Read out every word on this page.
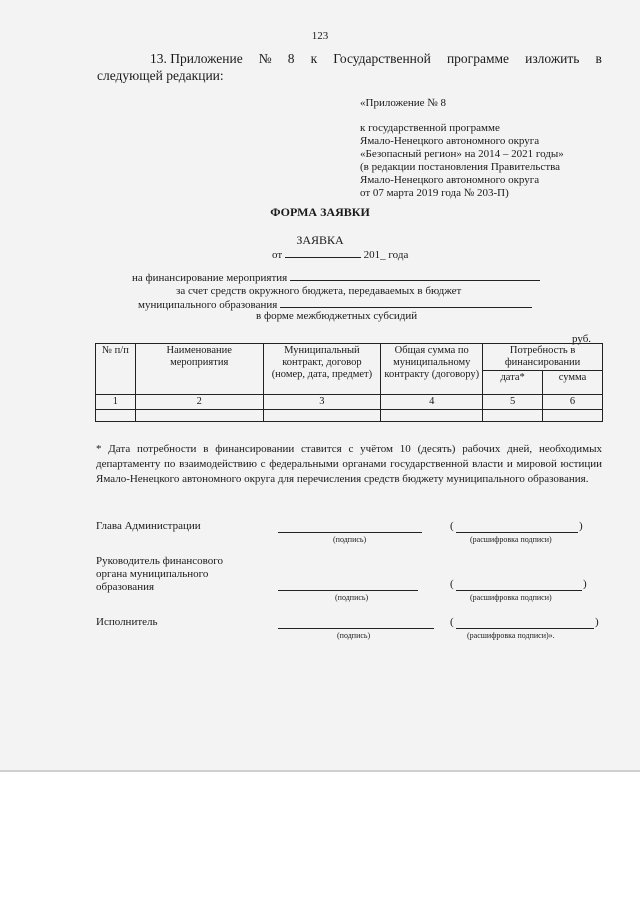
123
13. Приложение № 8 к Государственной программе изложить в
следующей редакции:
«Приложение № 8
к государственной программе
Ямало-Ненецкого автономного округа
«Безопасный регион» на 2014 – 2021 годы»
(в редакции постановления Правительства
Ямало-Ненецкого автономного округа
от 07 марта 2019 года № 203-П)
ФОРМА ЗАЯВКИ
ЗАЯВКА
от	201_ года
на финансирование мероприятия
за счет средств окружного бюджета, передаваемых в бюджет
муниципального образования
в форме межбюджетных субсидий
руб.
№ п/п	Наименование мероприятия	Муниципальный контракт, договор (номер, дата, предмет)	Общая сумма по муниципальному контракту (договору)	Потребность в финансировании	
				дата*	сумма
1	2	3	4	5	6

* Дата потребности в финансировании ставится с учётом 10 (десять) рабочих дней, необходимых департаменту по взаимодействию с федеральными органами государственной власти и мировой юстиции Ямало-Ненецкого автономного округа для перечисления средств бюджету муниципального образования.
Глава Администрации	(	)
(подпись)	(расшифровка подписи)
Руководитель финансового
органа муниципального
образования	(	)
(подпись)	(расшифровка подписи)
Исполнитель	(	)
(подпись)	(расшифровка подписи)».
